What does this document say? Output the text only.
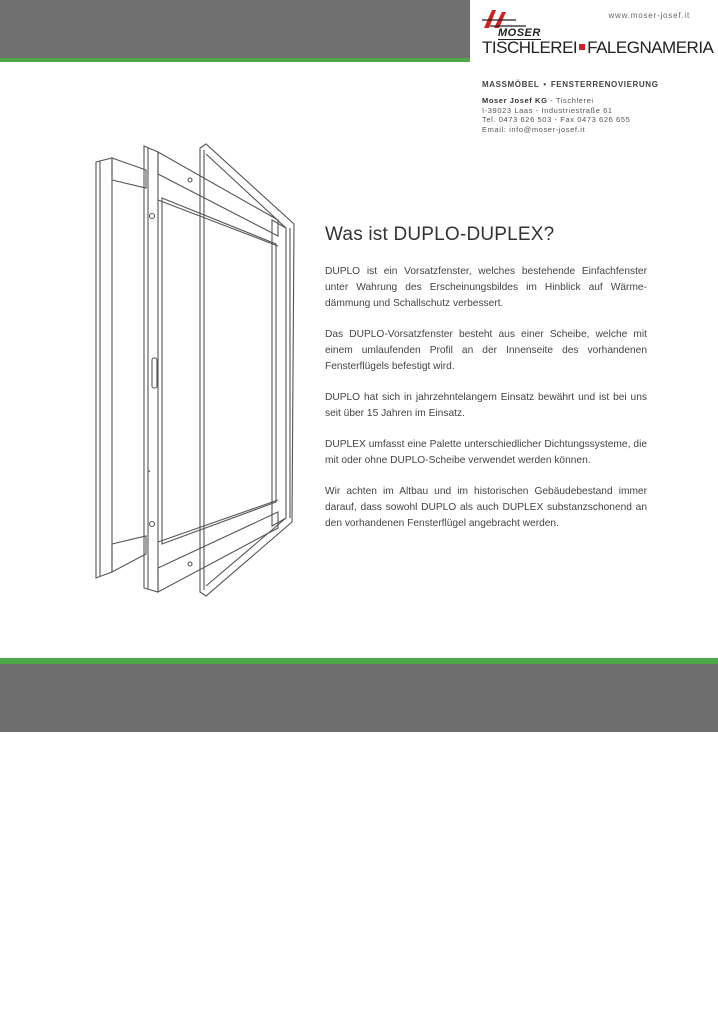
www.moser-josef.it
MOSER
TISCHLEREI FALEGNAMERIA
MASSMÖBEL • FENSTERRENOVIERUNG
Moser Josef KG - Tischlerei
I-39023 Laas - Industriestraße 61
Tel. 0473 626 503 - Fax 0473 626 655
Email: info@moser-josef.it
Was ist DUPLO-DUPLEX?

DUPLO ist ein Vorsatzfenster, welches bestehende Einfachfenster unter Wahrung des Erscheinungsbildes im Hinblick auf Wärme-dämmung und Schallschutz verbessert.

Das DUPLO-Vorsatzfenster besteht aus einer Scheibe, welche mit einem umlaufenden Profil an der Innenseite des vorhandenen Fensterflügels befestigt wird.

DUPLO hat sich in jahrzehntelangem Einsatz bewährt und ist bei uns seit über 15 Jahren im Einsatz.

DUPLEX umfasst eine Palette unterschiedlicher Dichtungssysteme, die mit oder ohne DUPLO-Scheibe verwendet werden können.

Wir achten im Altbau und im historischen Gebäudebestand immer darauf, dass sowohl DUPLO als auch DUPLEX substanzschonend an den vorhandenen Fensterflügel angebracht werden.
